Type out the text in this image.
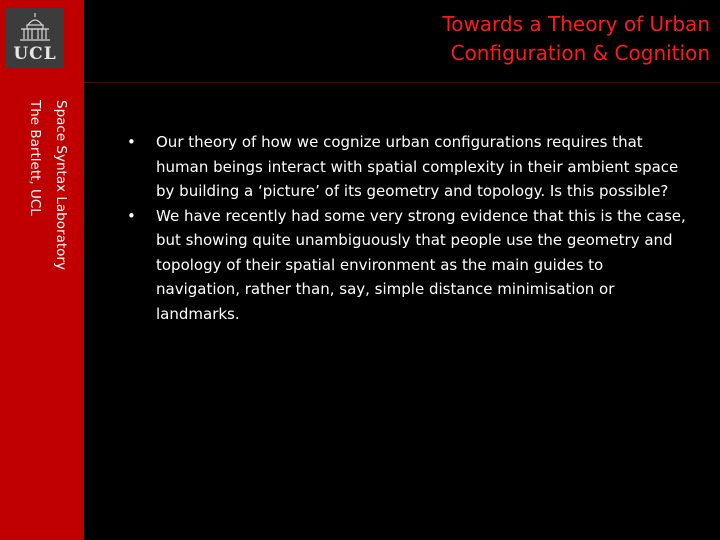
UCL
Towards a Theory of Urban
Configuration & Cognition
Space Syntax Laboratory
The Bartlett, UCL	• Our theory of how we cognize urban configurations requires that human beings interact with spatial complexity in their ambient space by building a ‘picture’ of its geometry and topology. Is this possible?
• We have recently had some very strong evidence that this is the case, but showing quite unambiguously that people use the geometry and topology of their spatial environment as the main guides to navigation, rather than, say, simple distance minimisation or landmarks.
